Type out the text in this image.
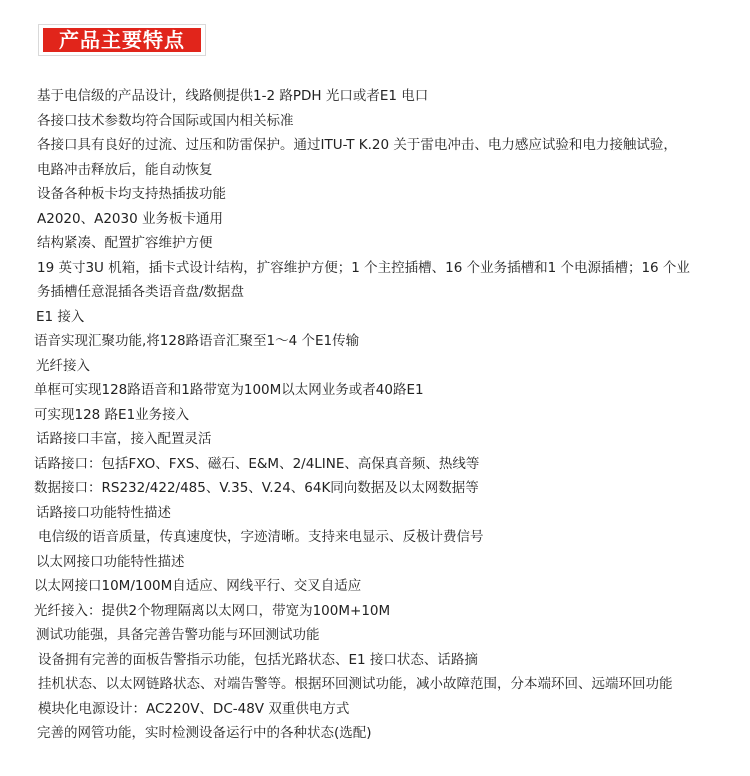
产品主要特点
基于电信级的产品设计，线路侧提供1-2 路PDH 光口或者E1 电口
各接口技术参数均符合国际或国内相关标准
各接口具有良好的过流、过压和防雷保护。通过ITU-T K.20 关于雷电冲击、电力感应试验和电力接触试验，
电路冲击释放后，能自动恢复
设备各种板卡均支持热插拔功能
A2020、A2030 业务板卡通用
结构紧凑、配置扩容维护方便
19 英寸3U 机箱，插卡式设计结构，扩容维护方便；1 个主控插槽、16 个业务插槽和1 个电源插槽；16 个业
务插槽任意混插各类语音盘/数据盘
E1 接入
语音实现汇聚功能,将128路语音汇聚至1～4 个E1传输
光纤接入
单框可实现128路语音和1路带宽为100M以太网业务或者40路E1
可实现128 路E1业务接入
话路接口丰富，接入配置灵活
话路接口：包括FXO、FXS、磁石、E&M、2/4LINE、高保真音频、热线等
数据接口：RS232/422/485、V.35、V.24、64K同向数据及以太网数据等
话路接口功能特性描述
电信级的语音质量，传真速度快，字迹清晰。支持来电显示、反极计费信号
以太网接口功能特性描述
以太网接口10M/100M自适应、网线平行、交叉自适应
光纤接入：提供2个物理隔离以太网口，带宽为100M+10M
测试功能强，具备完善告警功能与环回测试功能
设备拥有完善的面板告警指示功能，包括光路状态、E1 接口状态、话路摘
挂机状态、以太网链路状态、对端告警等。根据环回测试功能，减小故障范围，分本端环回、远端环回功能
模块化电源设计：AC220V、DC-48V 双重供电方式
完善的网管功能，实时检测设备运行中的各种状态(选配)
